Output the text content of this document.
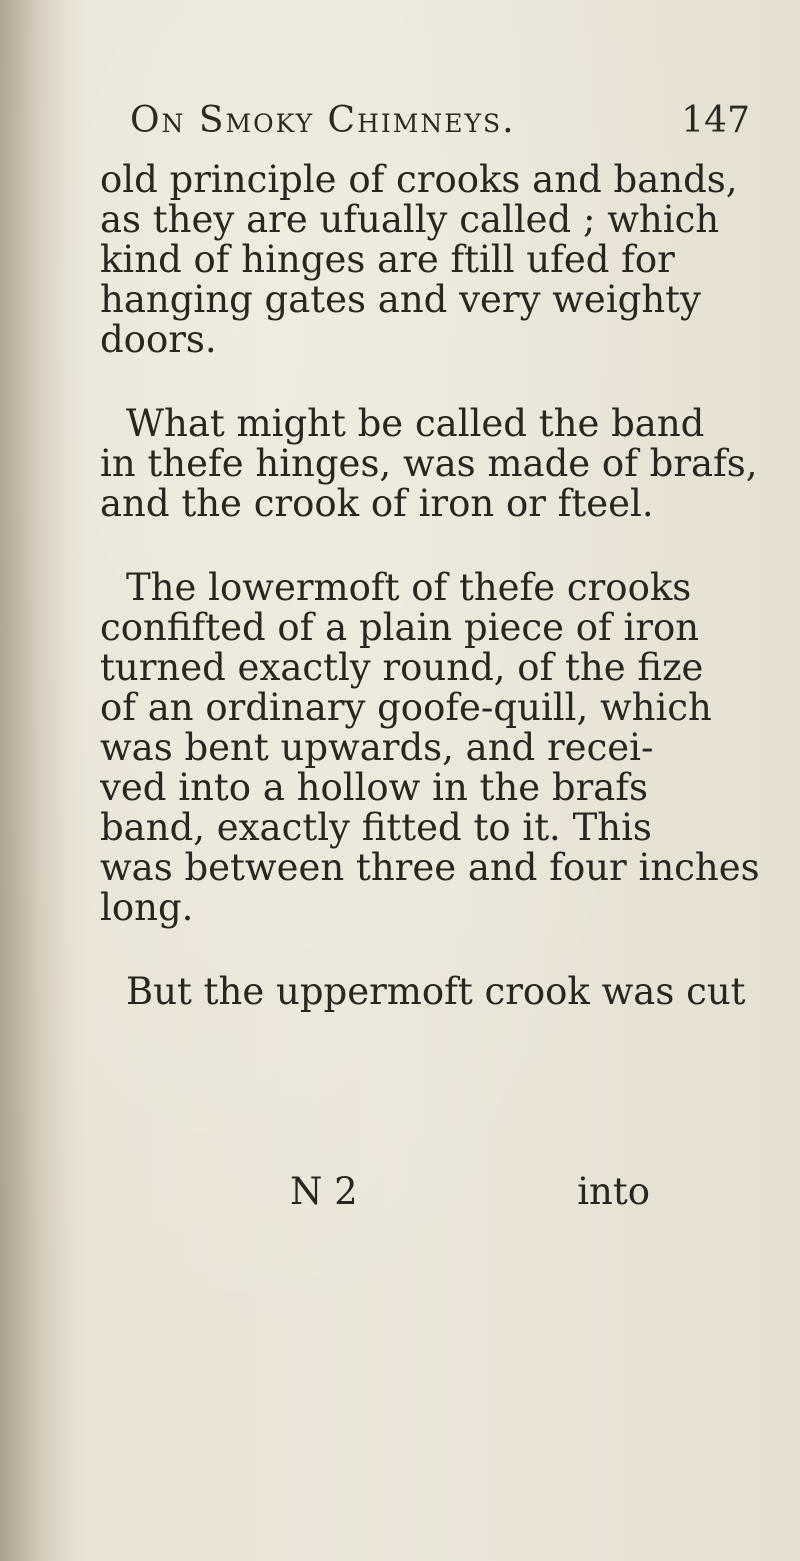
On Smoky Chimneys.	147
old principle of crooks and bands,
as they are ufually called ; which
kind of hinges are ftill ufed for
hanging gates and very weighty
doors.
What might be called the band
in thefe hinges, was made of brafs,
and the crook of iron or fteel.
The lowermoft of thefe crooks
confifted of a plain piece of iron
turned exactly round, of the fize
of an ordinary goofe-quill, which
was bent upwards, and recei-
ved into a hollow in the brafs
band, exactly fitted to it. This
was between three and four inches
long.
But the uppermoft crook was cut
N 2	into
